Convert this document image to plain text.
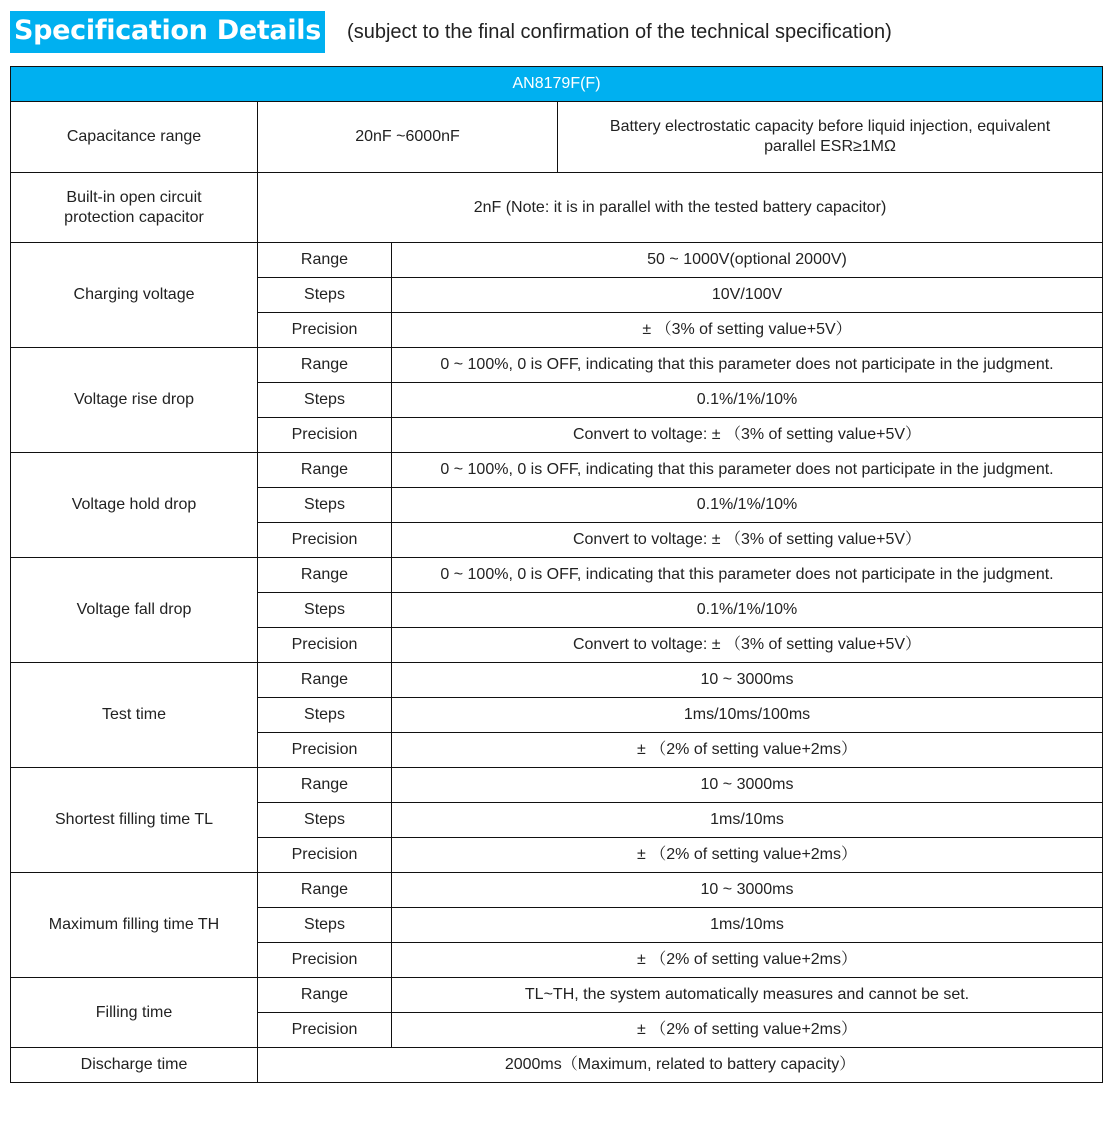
Specification Details (subject to the final confirmation of the technical specification)
AN8179F(F)			
Capacitance range	20nF ~6000nF		Battery electrostatic capacity before liquid injection, equivalent
parallel ESR≥1MΩ

Built-in open circuit
protection capacitor	2nF (Note: it is in parallel with the tested battery capacitor)		
Charging voltage	Range	50 ~ 1000V(optional 2000V)	
	Steps	10V/100V	
	Precision	± （3% of setting value+5V）	
Voltage rise drop	Range	0 ~ 100%, 0 is OFF, indicating that this parameter does not participate in the judgment.	
	Steps	0.1%/1%/10%	
	Precision	Convert to voltage: ± （3% of setting value+5V）	
Voltage hold drop	Range	0 ~ 100%, 0 is OFF, indicating that this parameter does not participate in the judgment.	
	Steps	0.1%/1%/10%	
	Precision	Convert to voltage: ± （3% of setting value+5V）	
Voltage fall drop	Range	0 ~ 100%, 0 is OFF, indicating that this parameter does not participate in the judgment.	
	Steps	0.1%/1%/10%	
	Precision	Convert to voltage: ± （3% of setting value+5V）	
Test time	Range	10 ~ 3000ms	
	Steps	1ms/10ms/100ms	
	Precision	± （2% of setting value+2ms）	
Shortest filling time TL	Range	10 ~ 3000ms	
	Steps	1ms/10ms	
	Precision	± （2% of setting value+2ms）	
Maximum filling time TH	Range	10 ~ 3000ms	
	Steps	1ms/10ms	
	Precision	± （2% of setting value+2ms）	
Filling time	Range	TL~TH, the system automatically measures and cannot be set.	
	Precision	± （2% of setting value+2ms）	
Discharge time	2000ms（Maximum, related to battery capacity）		
